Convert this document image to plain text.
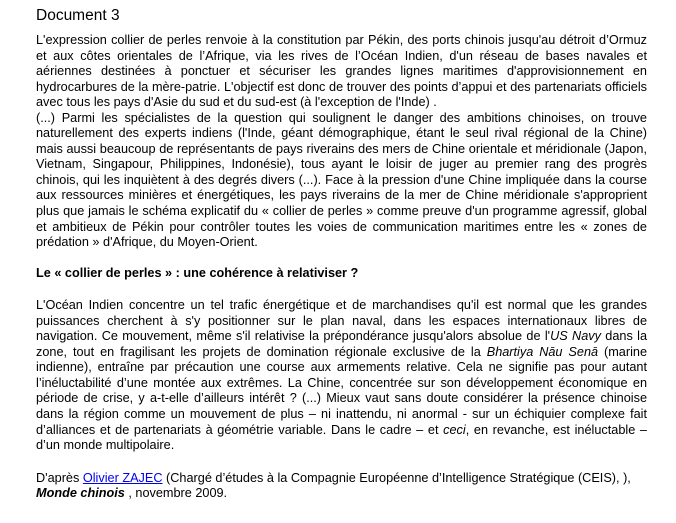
Document 3

L'expression collier de perles renvoie à la constitution par Pékin, des ports chinois jusqu'au détroit d’Ormuz et aux côtes orientales de l’Afrique, via les rives de l’Océan Indien, d'un réseau de bases navales et aériennes destinées à ponctuer et sécuriser les grandes lignes maritimes d'approvisionnement en hydrocarbures de la mère-patrie. L'objectif est donc de trouver des points d’appui et des partenariats officiels avec tous les pays d'Asie du sud et du sud-est (à l'exception de l'Inde) .

(...) Parmi les spécialistes de la question qui soulignent le danger des ambitions chinoises, on trouve naturellement des experts indiens (l'Inde, géant démographique, étant le seul rival régional de la Chine) mais aussi beaucoup de représentants de pays riverains des mers de Chine orientale et méridionale (Japon, Vietnam, Singapour, Philippines, Indonésie), tous ayant le loisir de juger au premier rang des progrès chinois, qui les inquiètent à des degrés divers (...). Face à la pression d'une Chine impliquée dans la course aux ressources minières et énergétiques, les pays riverains de la mer de Chine méridionale s'approprient plus que jamais le schéma explicatif du « collier de perles » comme preuve d'un programme agressif, global et ambitieux de Pékin pour contrôler toutes les voies de communication maritimes entre les « zones de prédation » d'Afrique, du Moyen-Orient.

Le « collier de perles » : une cohérence à relativiser ?

L'Océan Indien concentre un tel trafic énergétique et de marchandises qu'il est normal que les grandes puissances cherchent à s'y positionner sur le plan naval, dans les espaces internationaux libres de navigation. Ce mouvement, même s'il relativise la prépondérance jusqu'alors absolue de l'US Navy dans la zone, tout en fragilisant les projets de domination régionale exclusive de la Bhartiya Nāu Senā (marine indienne), entraîne par précaution une course aux armements relative. Cela ne signifie pas pour autant l’inéluctabilité d’une montée aux extrêmes. La Chine, concentrée sur son développement économique en période de crise, y a-t-elle d’ailleurs intérêt ? (...) Mieux vaut sans doute considérer la présence chinoise dans la région comme un mouvement de plus – ni inattendu, ni anormal - sur un échiquier complexe fait d’alliances et de partenariats à géométrie variable. Dans le cadre – et ceci, en revanche, est inéluctable – d’un monde multipolaire.

D'après Olivier ZAJEC (Chargé d’études à la Compagnie Européenne d’Intelligence Stratégique (CEIS), ), Monde chinois , novembre 2009.
